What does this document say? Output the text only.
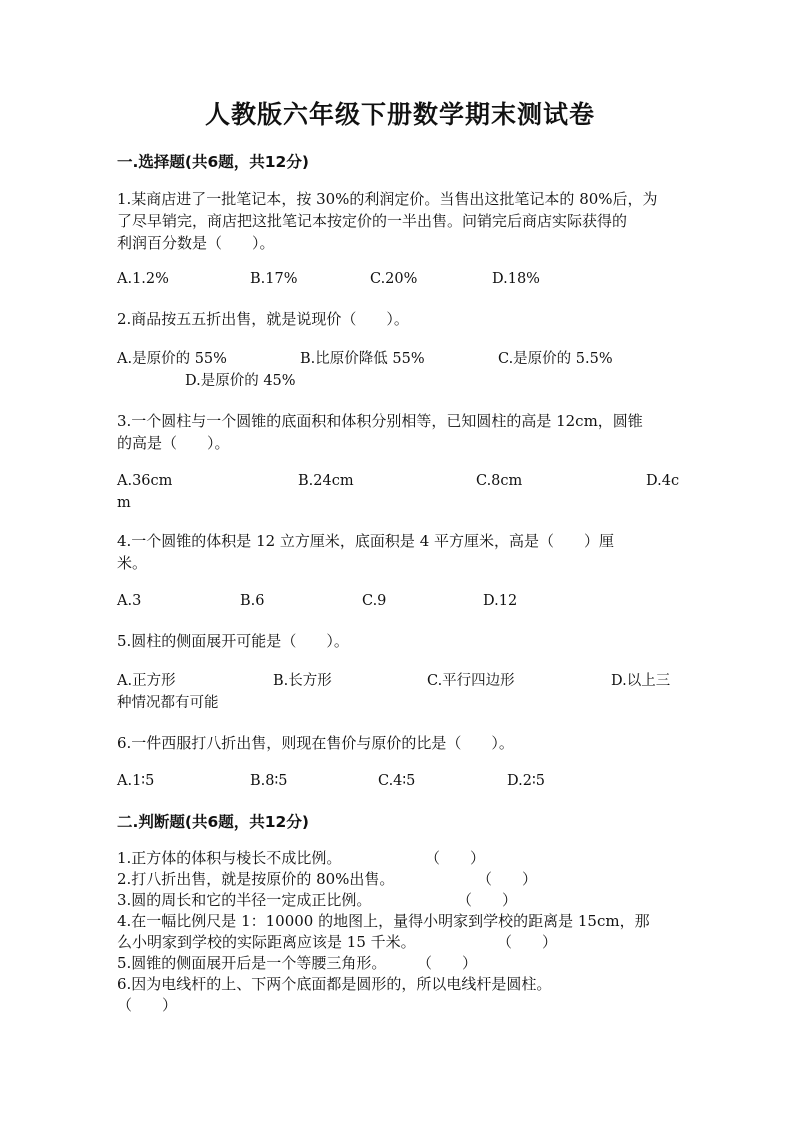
人教版六年级下册数学期末测试卷
一.选择题(共6题，共12分)
1.某商店进了一批笔记本，按 30%的利润定价。当售出这批笔记本的 80%后，为
了尽早销完，商店把这批笔记本按定价的一半出售。问销完后商店实际获得的
利润百分数是（　　）。
A.1.2%	B.17%	C.20%	D.18%
2.商品按五五折出售，就是说现价（　　）。
A.是原价的 55%	B.比原价降低 55%	C.是原价的 5.5%
D.是原价的 45%
3.一个圆柱与一个圆锥的底面积和体积分别相等，已知圆柱的高是 12cm，圆锥
的高是（　　）。
A.36cm	B.24cm	C.8cm	D.4c
m
4.一个圆锥的体积是 12 立方厘米，底面积是 4 平方厘米，高是（　　）厘
米。
A.3	B.6	C.9	D.12
5.圆柱的侧面展开可能是（　　）。
A.正方形	B.长方形	C.平行四边形	D.以上三
种情况都有可能
6.一件西服打八折出售，则现在售价与原价的比是（　　）。
A.1∶5	B.8∶5	C.4∶5	D.2∶5
二.判断题(共6题，共12分)
1.正方体的体积与棱长不成比例。	（　　）
2.打八折出售，就是按原价的 80%出售。	（　　）
3.圆的周长和它的半径一定成正比例。	（　　）
4.在一幅比例尺是 1：10000 的地图上，量得小明家到学校的距离是 15cm，那
么小明家到学校的实际距离应该是 15 千米。	（　　）
5.圆锥的侧面展开后是一个等腰三角形。 （　　）
6.因为电线杆的上、下两个底面都是圆形的，所以电线杆是圆柱。
（　　）
